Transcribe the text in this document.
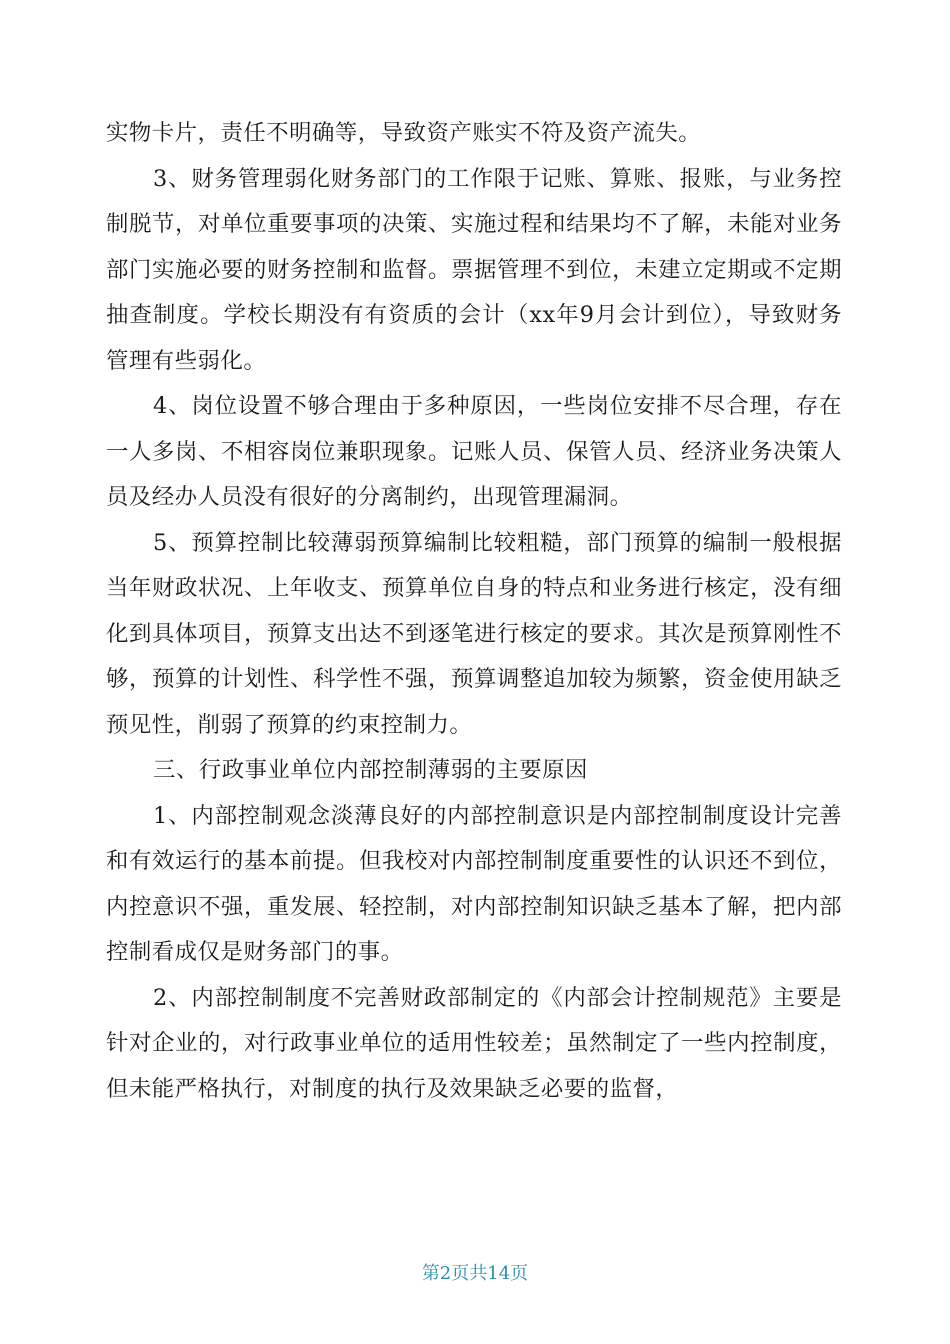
实物卡片，责任不明确等，导致资产账实不符及资产流失。

3、财务管理弱化财务部门的工作限于记账、算账、报账，与业务控制脱节，对单位重要事项的决策、实施过程和结果均不了解，未能对业务部门实施必要的财务控制和监督。票据管理不到位，未建立定期或不定期抽查制度。学校长期没有有资质的会计（xx年9月会计到位），导致财务管理有些弱化。

4、岗位设置不够合理由于多种原因，一些岗位安排不尽合理，存在一人多岗、不相容岗位兼职现象。记账人员、保管人员、经济业务决策人员及经办人员没有很好的分离制约，出现管理漏洞。

5、预算控制比较薄弱预算编制比较粗糙，部门预算的编制一般根据当年财政状况、上年收支、预算单位自身的特点和业务进行核定，没有细化到具体项目，预算支出达不到逐笔进行核定的要求。其次是预算刚性不够，预算的计划性、科学性不强，预算调整追加较为频繁，资金使用缺乏预见性，削弱了预算的约束控制力。

三、行政事业单位内部控制薄弱的主要原因

1、内部控制观念淡薄良好的内部控制意识是内部控制制度设计完善和有效运行的基本前提。但我校对内部控制制度重要性的认识还不到位，内控意识不强，重发展、轻控制，对内部控制知识缺乏基本了解，把内部控制看成仅是财务部门的事。

2、内部控制制度不完善财政部制定的《内部会计控制规范》主要是针对企业的，对行政事业单位的适用性较差；虽然制定了一些内控制度，但未能严格执行，对制度的执行及效果缺乏必要的监督，

第2页共14页
